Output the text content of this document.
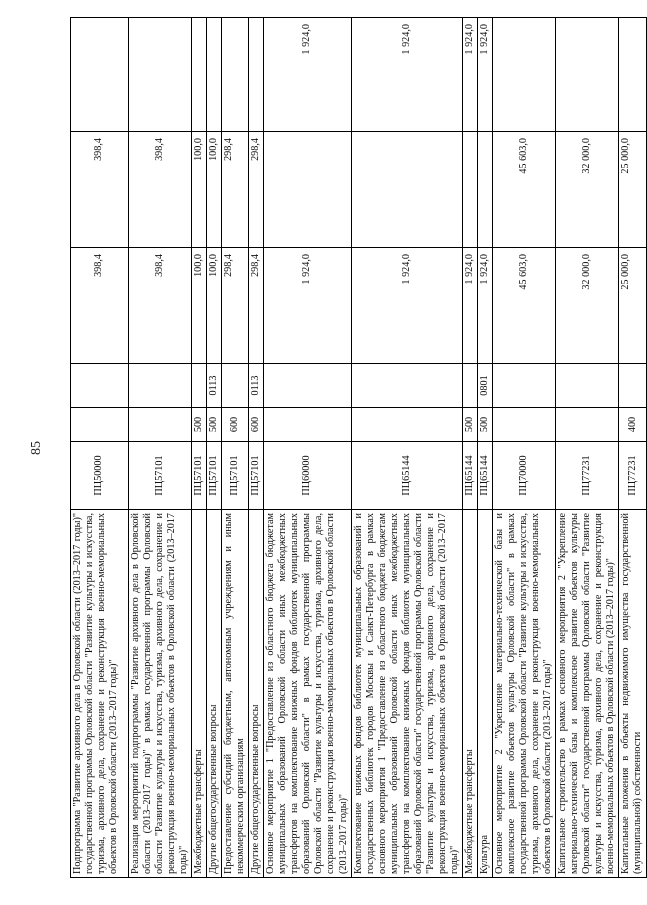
85
Подпрограмма "Развитие архивного дела в Орловской области (2013–2017 годы)" государственной программы Орловской области "Развитие культуры и искусства, туризма, архивного дела, сохранение и реконструкция военно-мемориальных объектов в Орловской области (2013–2017 годы)"	ПЦ50000			398,4	398,4	
Реализация мероприятий подпрограммы "Развитие архивного дела в Орловской области (2013–2017 годы)" в рамках государственной программы Орловской области "Развитие культуры и искусства, туризма, архивного дела, сохранение и реконструкция военно-мемориальных объектов в Орловской области (2013–2017 годы)"	ПЦ57101			398,4	398,4	
Межбюджетные трансферты	ПЦ57101	500		100,0	100,0	
Другие общегосударственные вопросы	ПЦ57101	500	0113	100,0	100,0	
Предоставление субсидий бюджетным, автономным учреждениям и иным некоммерческим организациям	ПЦ57101	600		298,4	298,4	
Другие общегосударственные вопросы	ПЦ57101	600	0113	298,4	298,4	
Основное мероприятие 1 "Предоставление из областного бюджета бюджетам муниципальных образований Орловской области иных межбюджетных трансфертов на комплектование книжных фондов библиотек муниципальных образований Орловской области" в рамках государственной программы Орловской области "Развитие культуры и искусства, туризма, архивного дела, сохранение и реконструкция военно-мемориальных объектов в Орловской области (2013–2017 годы)"	ПЦ60000			1 924,0		1 924,0
Комплектование книжных фондов библиотек муниципальных образований и государственных библиотек городов Москвы и Санкт-Петербурга в рамках основного мероприятия 1 "Предоставление из областного бюджета бюджетам муниципальных образований Орловской области иных межбюджетных трансфертов на комплектование книжных фондов библиотек муниципальных образований Орловской области" государственной программы Орловской области "Развитие культуры и искусства, туризма, архивного дела, сохранение и реконструкция военно-мемориальных объектов в Орловской области (2013–2017 годы)"	ПЦ65144			1 924,0		1 924,0
Межбюджетные трансферты	ПЦ65144	500		1 924,0		1 924,0
Культура	ПЦ65144	500	0801	1 924,0		1 924,0
Основное мероприятие 2 "Укрепление материально-технической базы и комплексное развитие объектов культуры Орловской области" в рамках государственной программы Орловской области "Развитие культуры и искусства, туризма, архивного дела, сохранение и реконструкция военно-мемориальных объектов в Орловской области (2013–2017 годы)"	ПЦ70000			45 603,0	45 603,0	
Капитальное строительство в рамках основного мероприятия 2 "Укрепление материально-технической базы и комплексное развитие объектов культуры Орловской области" государственной программы Орловской области "Развитие культуры и искусства, туризма, архивного дела, сохранение и реконструкция военно-мемориальных объектов в Орловской области (2013–2017 годы)"	ПЦ77231			32 000,0	32 000,0	
Капитальные вложения в объекты недвижимого имущества государственной (муниципальной) собственности	ПЦ77231	400		25 000,0	25 000,0	
